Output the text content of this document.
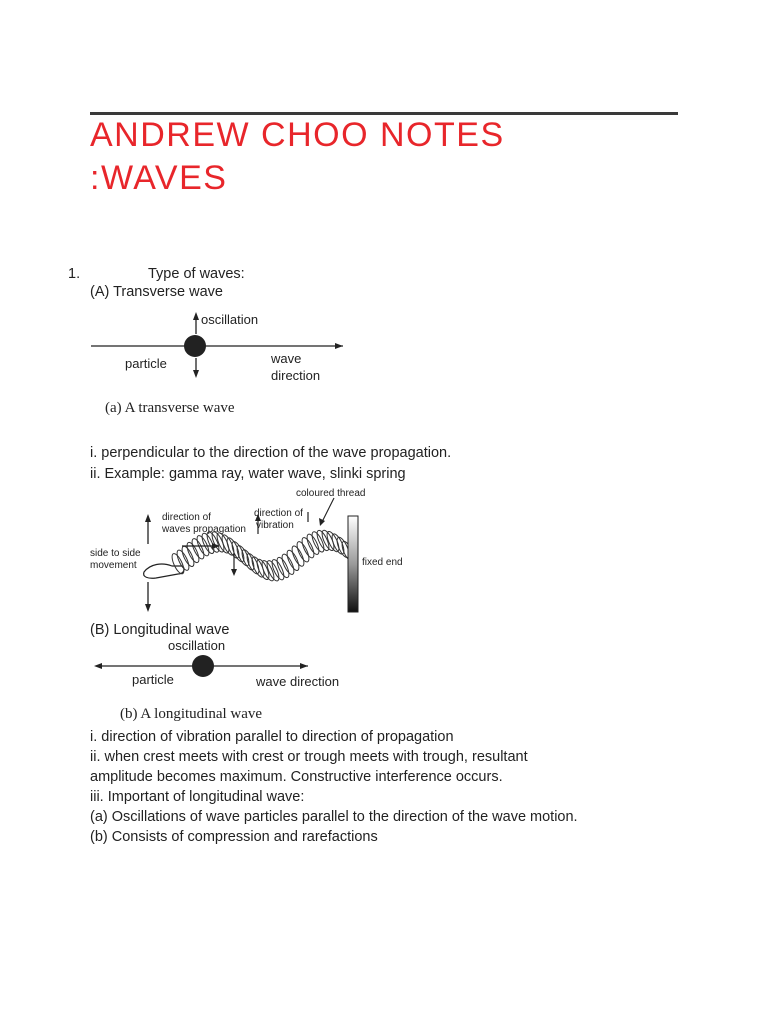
ANDREW CHOO NOTES
:WAVES
1.	Type of waves:
(A) Transverse wave
oscillation
particle	wave
direction
(a) A transverse wave
i. perpendicular to the direction of the wave propagation.
ii. Example: gamma ray, water wave, slinki spring
coloured thread
direction of
waves propagation
direction of
vibration
side to side
movement	fixed end
(B) Longitudinal wave
oscillation
particle	wave direction
(b) A longitudinal wave
i. direction of vibration parallel to direction of propagation
ii. when crest meets with crest or trough meets with trough, resultant
amplitude becomes maximum. Constructive interference occurs.
iii. Important of longitudinal wave:
(a) Oscillations of wave particles parallel to the direction of the wave motion.
(b) Consists of compression and rarefactions
